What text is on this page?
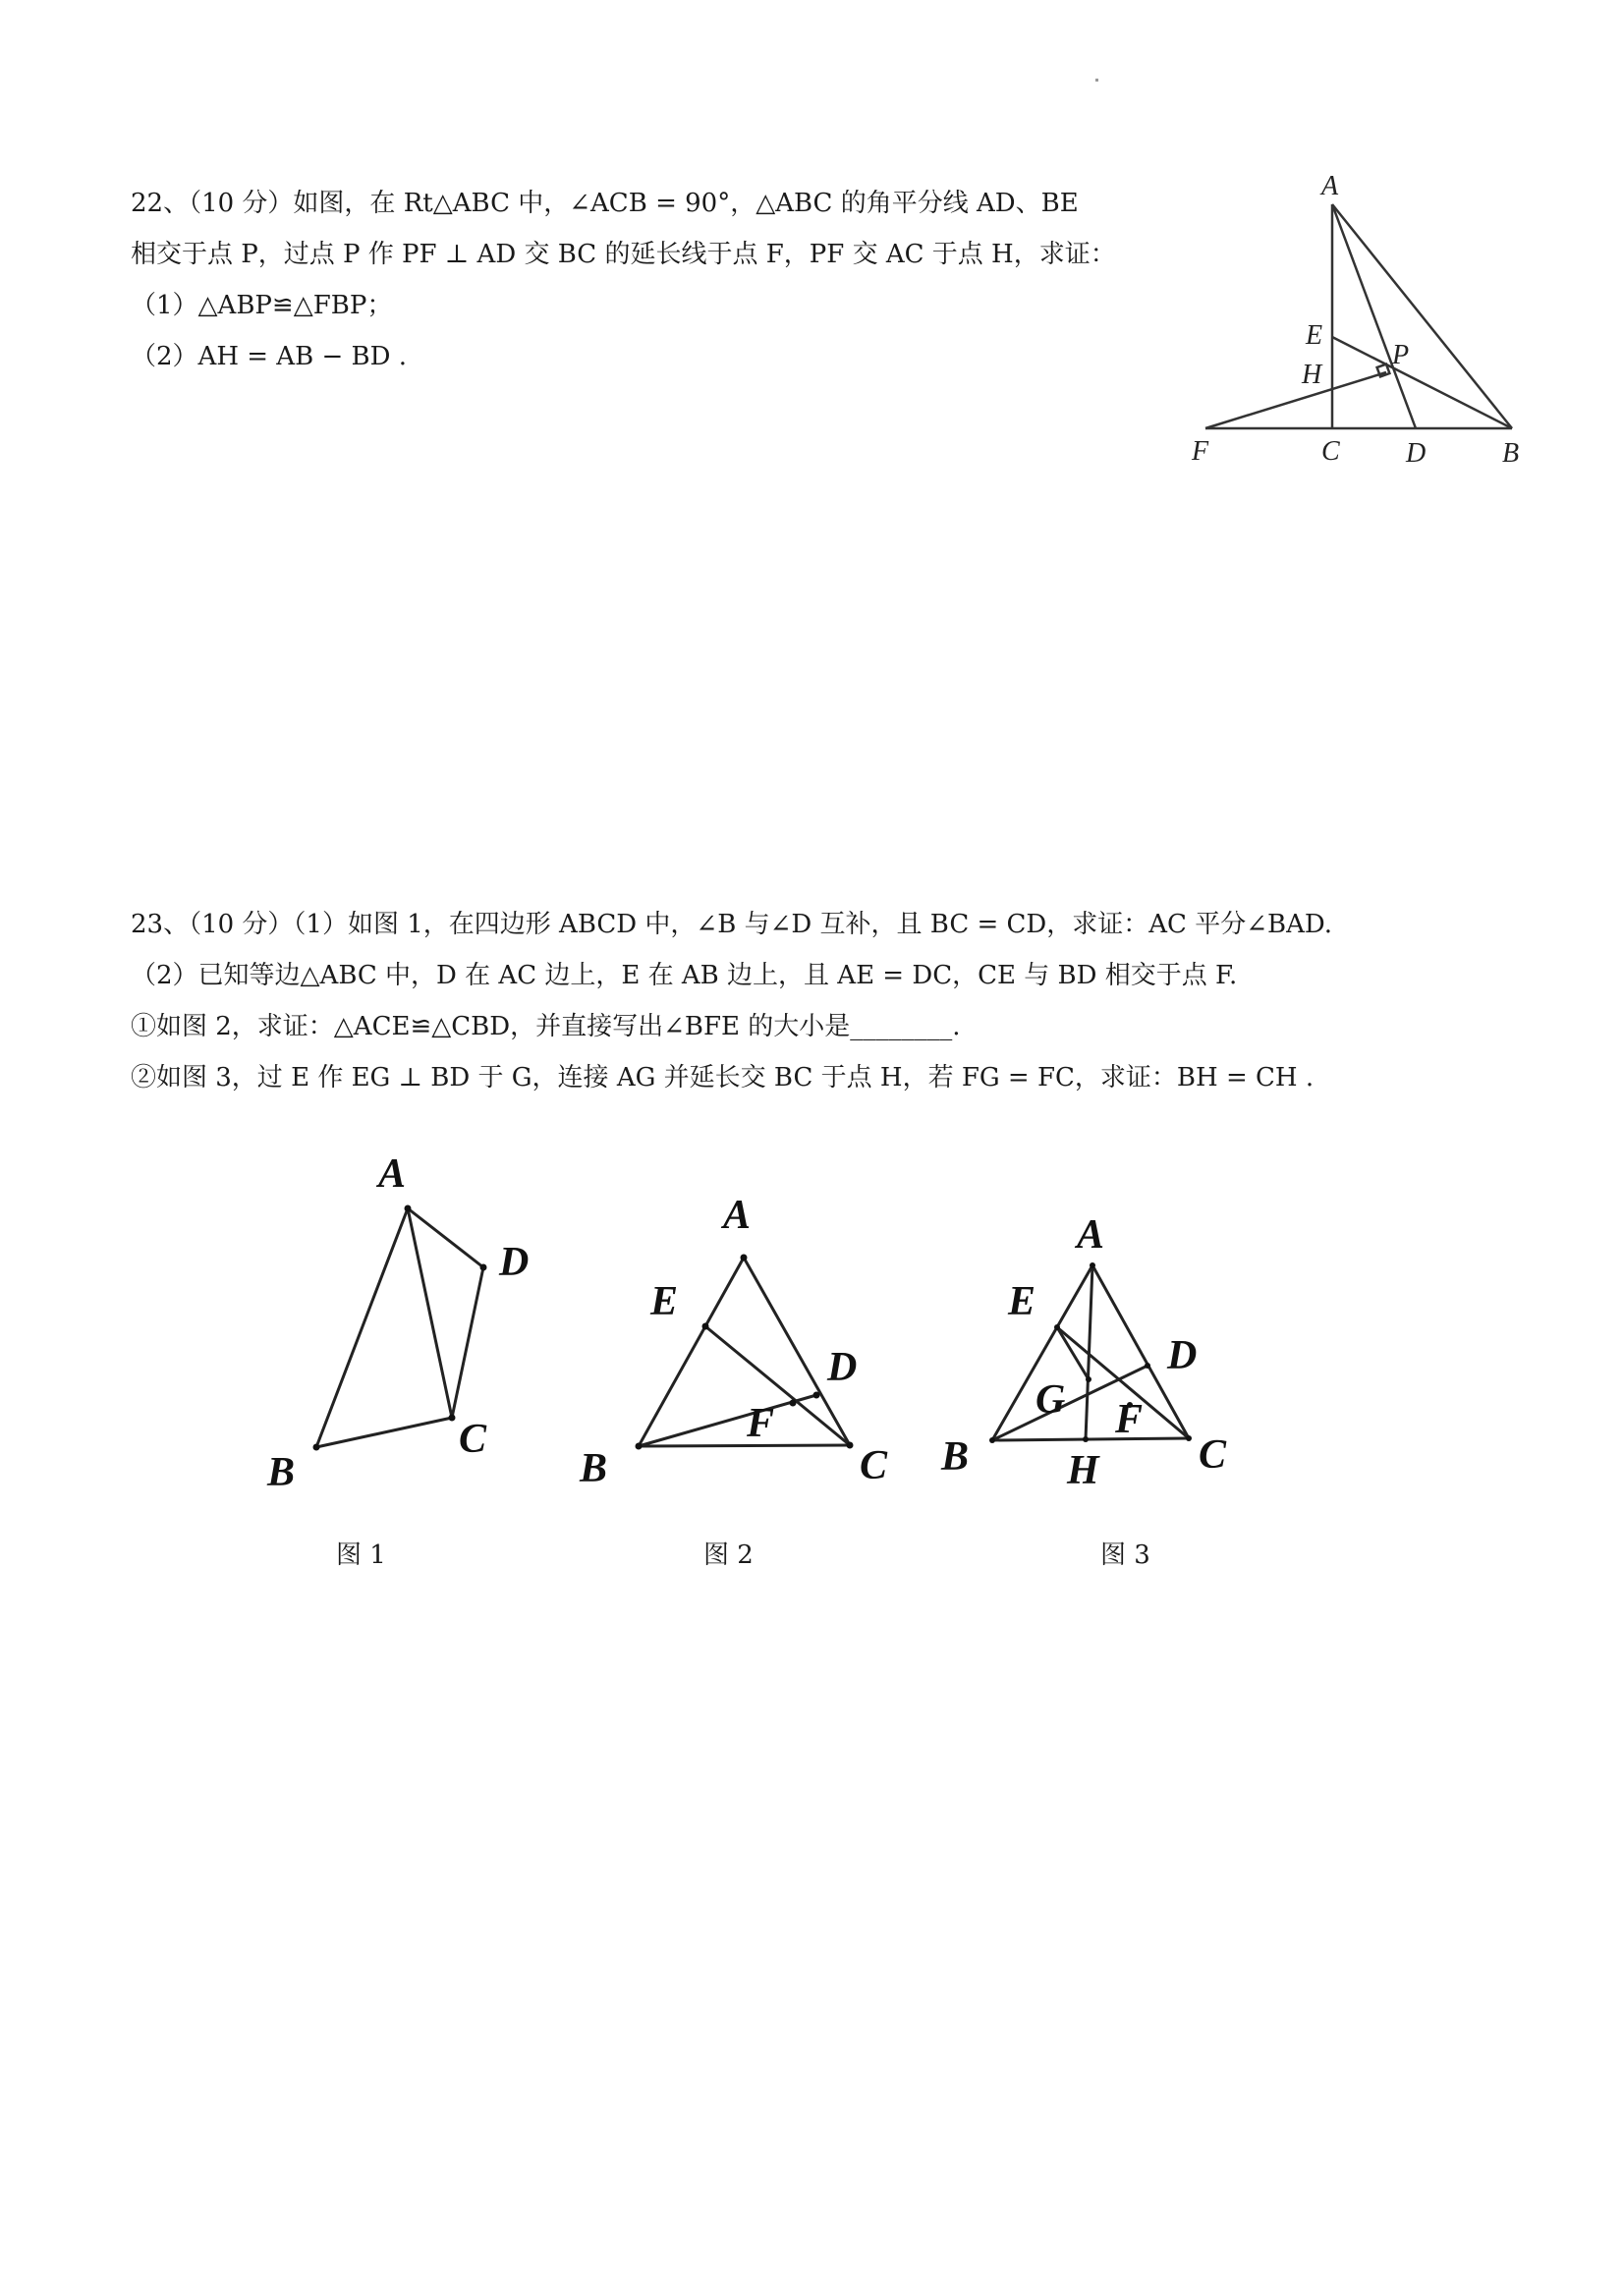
22、（10 分）如图，在 Rt△ABC 中，∠ACB = 90°，△ABC 的角平分线 AD、BE
相交于点 P，过点 P 作 PF ⊥ AD 交 BC 的延长线于点 F，PF 交 AC 于点 H，求证：
（1）△ABP≌△FBP；
（2）AH = AB − BD .
A
E
H
P
F	C D	B
23、（10 分）（1）如图 1，在四边形 ABCD 中，∠B 与∠D 互补，且 BC = CD，求证：AC 平分∠BAD.
（2）已知等边△ABC 中，D 在 AC 边上，E 在 AB 边上，且 AE = DC，CE 与 BD 相交于点 F.
①如图 2，求证：△ACE≌△CBD，并直接写出∠BFE 的大小是________.
②如图 3，过 E 作 EG ⊥ BD 于 G，连接 AG 并延长交 BC 于点 H，若 FG = FC，求证：BH = CH .
A
D
C
B
A
E
D
F
B	C
A
E
D
G F
B	C
H
图 1	图 2	图 3
